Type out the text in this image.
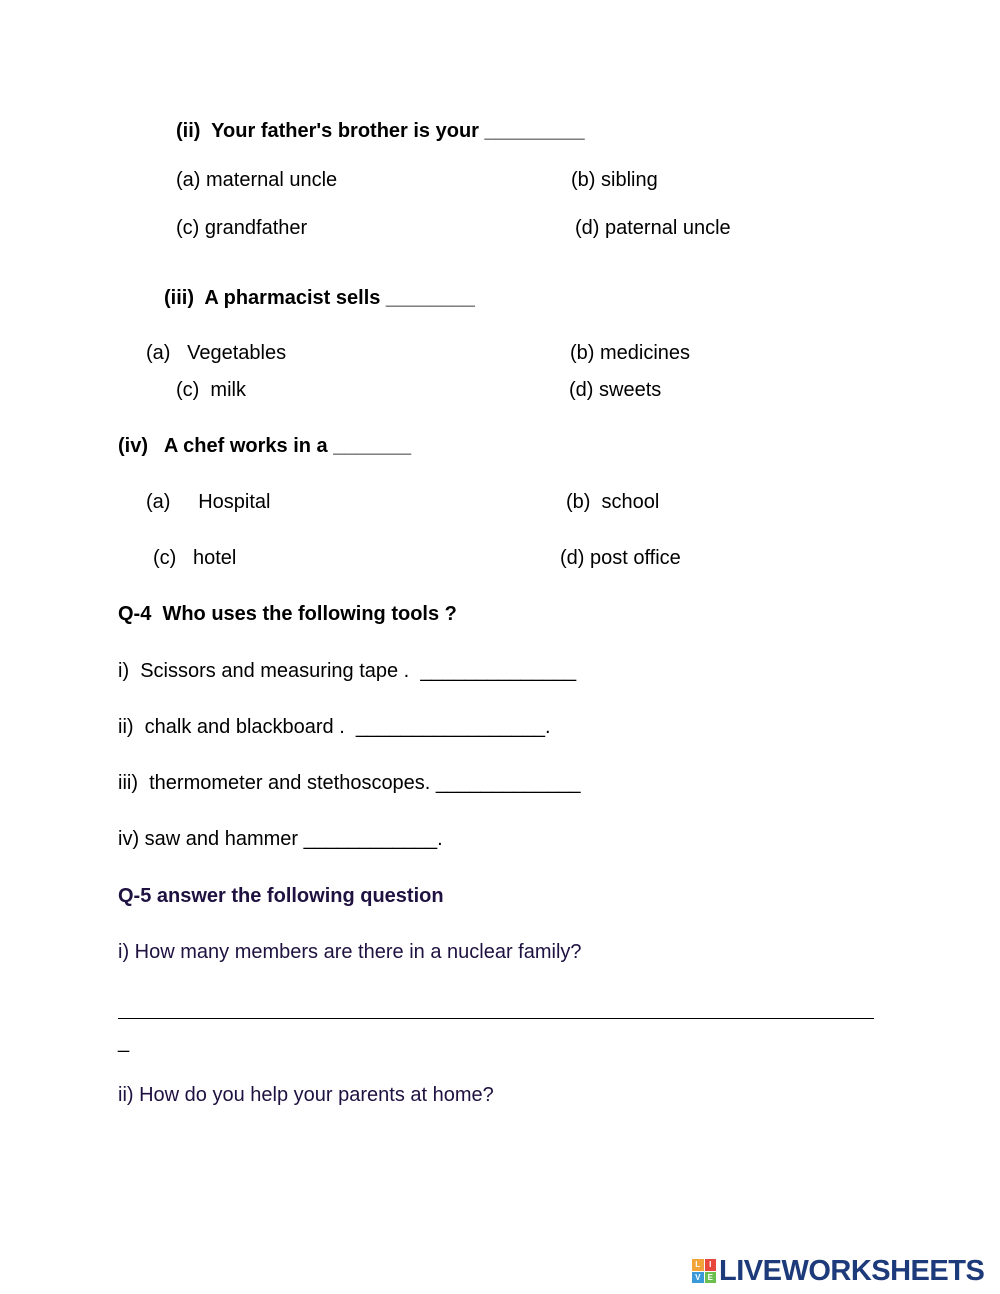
(ii)  Your father's brother is your _________
(a) maternal uncle	(b) sibling
(c) grandfather	(d) paternal uncle
(iii)  A pharmacist sells ________
(a)   Vegetables	(b) medicines
(c)  milk	(d) sweets
(iv)   A chef works in a _______
(a)     Hospital	(b)  school
(c)   hotel	(d) post office
Q-4  Who uses the following tools ?
i)  Scissors and measuring tape .  ______________
ii)  chalk and blackboard .  _________________.
iii)  thermometer and stethoscopes. _____________
iv) saw and hammer ____________.
Q-5 answer the following question
i) How many members are there in a nuclear family?
_
ii) How do you help your parents at home?
L	I
V E LIVEWORKSHEETS
